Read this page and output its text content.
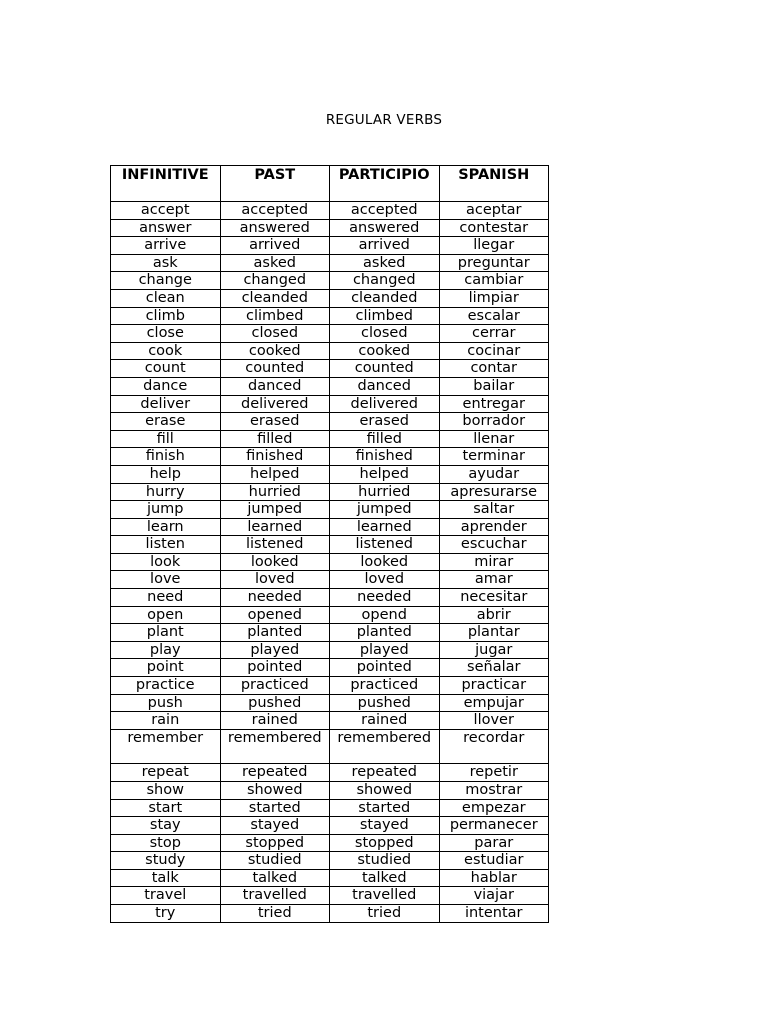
REGULAR VERBS
INFINITIVE	PAST	PARTICIPIO	SPANISH
accept	accepted	accepted	aceptar
answer	answered	answered	contestar
arrive	arrived	arrived	llegar
ask	asked	asked	preguntar
change	changed	changed	cambiar
clean	cleanded	cleanded	limpiar
climb	climbed	climbed	escalar
close	closed	closed	cerrar
cook	cooked	cooked	cocinar
count	counted	counted	contar
dance	danced	danced	bailar
deliver	delivered	delivered	entregar
erase	erased	erased	borrador
fill	filled	filled	llenar
finish	finished	finished	terminar
help	helped	helped	ayudar
hurry	hurried	hurried	apresurarse
jump	jumped	jumped	saltar
learn	learned	learned	aprender
listen	listened	listened	escuchar
look	looked	looked	mirar
love	loved	loved	amar
need	needed	needed	necesitar
open	opened	opend	abrir
plant	planted	planted	plantar
play	played	played	jugar
point	pointed	pointed	señalar
practice	practiced	practiced	practicar
push	pushed	pushed	empujar
rain	rained	rained	llover
remember	remembered	remembered	recordar
repeat	repeated	repeated	repetir
show	showed	showed	mostrar
start	started	started	empezar
stay	stayed	stayed	permanecer
stop	stopped	stopped	parar
study	studied	studied	estudiar
talk	talked	talked	hablar
travel	travelled	travelled	viajar
try	tried	tried	intentar
